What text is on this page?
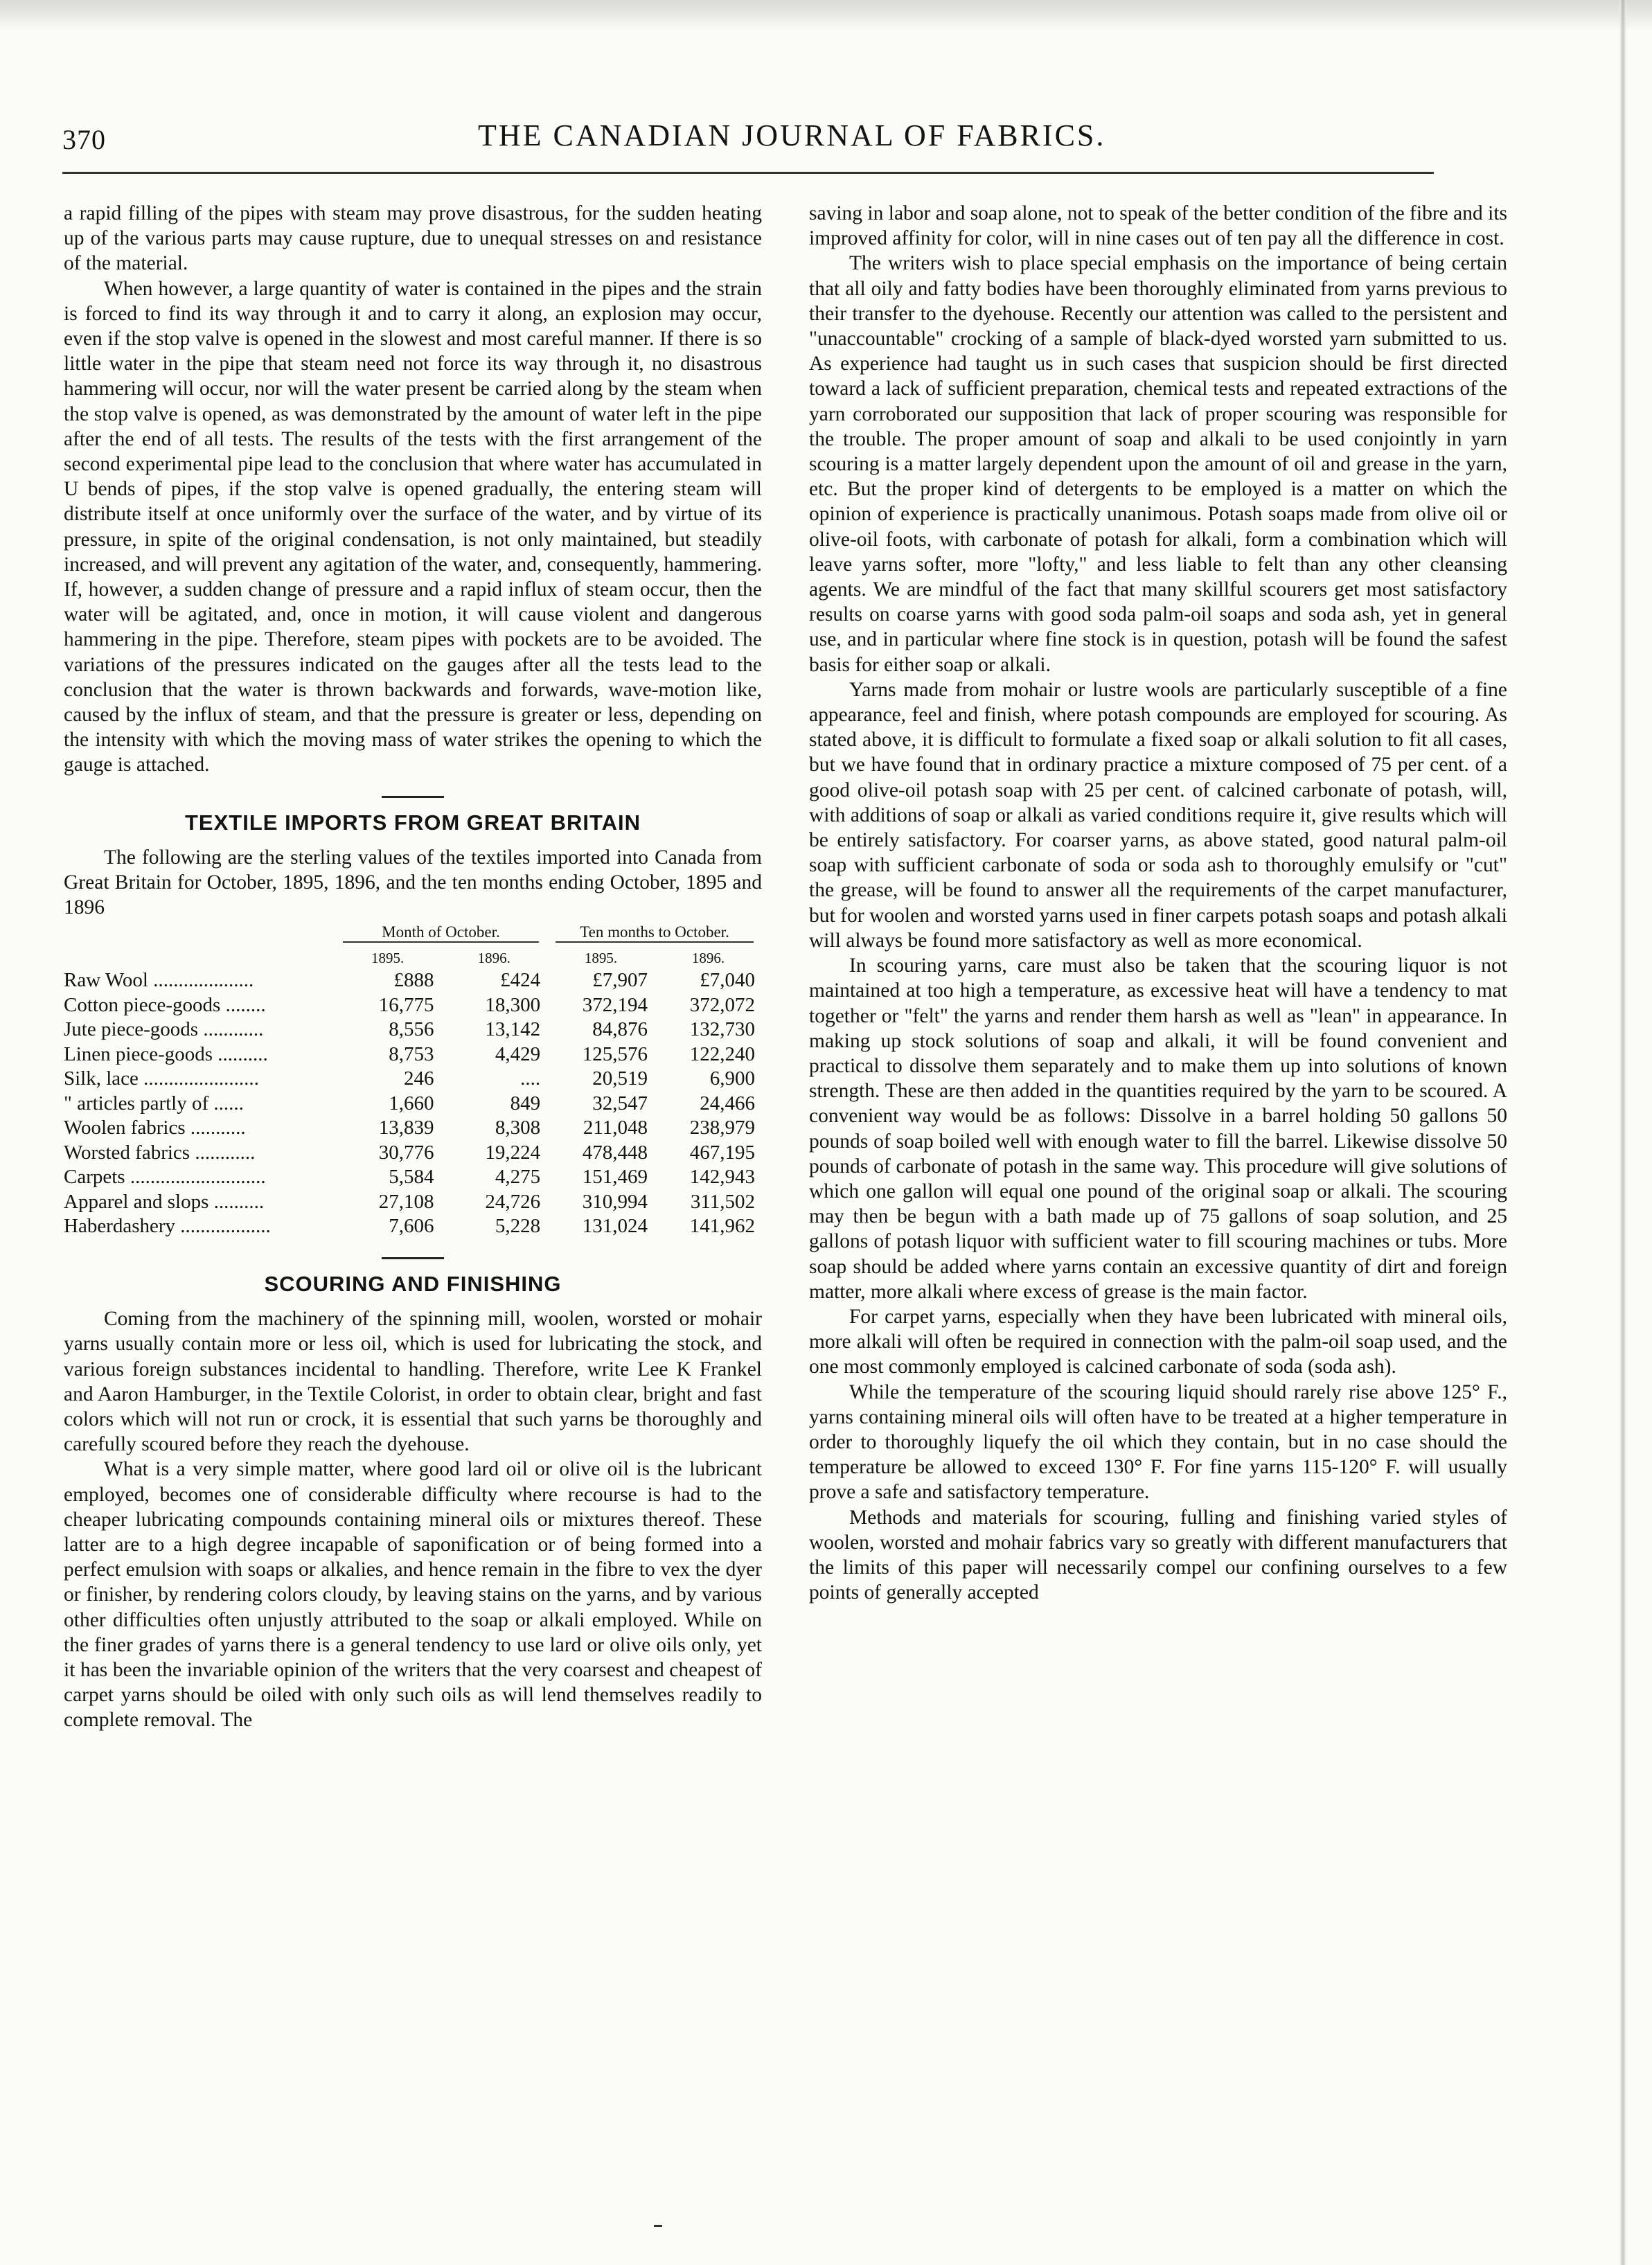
370	THE CANADIAN JOURNAL OF FABRICS.

a rapid filling of the pipes with steam may prove disastrous, for the sudden heating up of the various parts may cause rupture, due to unequal stresses on and resistance of the material.

When however, a large quantity of water is contained in the pipes and the strain is forced to find its way through it and to carry it along, an explosion may occur, even if the stop valve is opened in the slowest and most careful manner. If there is so little water in the pipe that steam need not force its way through it, no disastrous hammering will occur, nor will the water present be carried along by the steam when the stop valve is opened, as was demonstrated by the amount of water left in the pipe after the end of all tests. The results of the tests with the first arrangement of the second experimental pipe lead to the conclusion that where water has accumulated in U bends of pipes, if the stop valve is opened gradually, the entering steam will distribute itself at once uniformly over the surface of the water, and by virtue of its pressure, in spite of the original condensation, is not only maintained, but steadily increased, and will prevent any agitation of the water, and, consequently, hammering. If, however, a sudden change of pressure and a rapid influx of steam occur, then the water will be agitated, and, once in motion, it will cause violent and dangerous hammering in the pipe. Therefore, steam pipes with pockets are to be avoided. The variations of the pressures indicated on the gauges after all the tests lead to the conclusion that the water is thrown backwards and forwards, wave-motion like, caused by the influx of steam, and that the pressure is greater or less, depending on the intensity with which the moving mass of water strikes the opening to which the gauge is attached.

TEXTILE IMPORTS FROM GREAT BRITAIN

The following are the sterling values of the textiles imported into Canada from Great Britain for October, 1895, 1896, and the ten months ending October, 1895 and 1896

	Month of October.		Ten months to October.	

	1895.	1896.	1895.	1896.
Raw Wool ....................	£888	£424	£7,907	£7,040
Cotton piece-goods ........	16,775	18,300	372,194	372,072
Jute piece-goods ............	8,556	13,142	84,876	132,730
Linen piece-goods ..........	8,753	4,429	125,576	122,240
Silk, lace .......................	246	....	20,519	6,900
" articles partly of ......	1,660	849	32,547	24,466
Woolen fabrics ...........	13,839	8,308	211,048	238,979
Worsted fabrics ............	30,776	19,224	478,448	467,195
Carpets ...........................	5,584	4,275	151,469	142,943
Apparel and slops ..........	27,108	24,726	310,994	311,502
Haberdashery ..................	7,606	5,228	131,024	141,962
SCOURING AND FINISHING

Coming from the machinery of the spinning mill, woolen, worsted or mohair yarns usually contain more or less oil, which is used for lubricating the stock, and various foreign substances incidental to handling. Therefore, write Lee K Frankel and Aaron Hamburger, in the Textile Colorist, in order to obtain clear, bright and fast colors which will not run or crock, it is essential that such yarns be thoroughly and carefully scoured before they reach the dyehouse.

What is a very simple matter, where good lard oil or olive oil is the lubricant employed, becomes one of considerable difficulty where recourse is had to the cheaper lubricating compounds containing mineral oils or mixtures thereof. These latter are to a high degree incapable of saponification or of being formed into a perfect emulsion with soaps or alkalies, and hence remain in the fibre to vex the dyer or finisher, by rendering colors cloudy, by leaving stains on the yarns, and by various other difficulties often unjustly attributed to the soap or alkali employed. While on the finer grades of yarns there is a general tendency to use lard or olive oils only, yet it has been the invariable opinion of the writers that the very coarsest and cheapest of carpet yarns should be oiled with only such oils as will lend themselves readily to complete removal. The

saving in labor and soap alone, not to speak of the better condition of the fibre and its improved affinity for color, will in nine cases out of ten pay all the difference in cost.

The writers wish to place special emphasis on the importance of being certain that all oily and fatty bodies have been thoroughly eliminated from yarns previous to their transfer to the dyehouse. Recently our attention was called to the persistent and "unaccountable" crocking of a sample of black-dyed worsted yarn submitted to us. As experience had taught us in such cases that suspicion should be first directed toward a lack of sufficient preparation, chemical tests and repeated extractions of the yarn corroborated our supposition that lack of proper scouring was responsible for the trouble. The proper amount of soap and alkali to be used conjointly in yarn scouring is a matter largely dependent upon the amount of oil and grease in the yarn, etc. But the proper kind of detergents to be employed is a matter on which the opinion of experience is practically unanimous. Potash soaps made from olive oil or olive-oil foots, with carbonate of potash for alkali, form a combination which will leave yarns softer, more "lofty," and less liable to felt than any other cleansing agents. We are mindful of the fact that many skillful scourers get most satisfactory results on coarse yarns with good soda palm-oil soaps and soda ash, yet in general use, and in particular where fine stock is in question, potash will be found the safest basis for either soap or alkali.

Yarns made from mohair or lustre wools are particularly susceptible of a fine appearance, feel and finish, where potash compounds are employed for scouring. As stated above, it is difficult to formulate a fixed soap or alkali solution to fit all cases, but we have found that in ordinary practice a mixture composed of 75 per cent. of a good olive-oil potash soap with 25 per cent. of calcined carbonate of potash, will, with additions of soap or alkali as varied conditions require it, give results which will be entirely satisfactory. For coarser yarns, as above stated, good natural palm-oil soap with sufficient carbonate of soda or soda ash to thoroughly emulsify or "cut" the grease, will be found to answer all the requirements of the carpet manufacturer, but for woolen and worsted yarns used in finer carpets potash soaps and potash alkali will always be found more satisfactory as well as more economical.

In scouring yarns, care must also be taken that the scouring liquor is not maintained at too high a temperature, as excessive heat will have a tendency to mat together or "felt" the yarns and render them harsh as well as "lean" in appearance. In making up stock solutions of soap and alkali, it will be found convenient and practical to dissolve them separately and to make them up into solutions of known strength. These are then added in the quantities required by the yarn to be scoured. A convenient way would be as follows: Dissolve in a barrel holding 50 gallons 50 pounds of soap boiled well with enough water to fill the barrel. Likewise dissolve 50 pounds of carbonate of potash in the same way. This procedure will give solutions of which one gallon will equal one pound of the original soap or alkali. The scouring may then be begun with a bath made up of 75 gallons of soap solution, and 25 gallons of potash liquor with sufficient water to fill scouring machines or tubs. More soap should be added where yarns contain an excessive quantity of dirt and foreign matter, more alkali where excess of grease is the main factor.

For carpet yarns, especially when they have been lubricated with mineral oils, more alkali will often be required in connection with the palm-oil soap used, and the one most commonly employed is calcined carbonate of soda (soda ash).

While the temperature of the scouring liquid should rarely rise above 125° F., yarns containing mineral oils will often have to be treated at a higher temperature in order to thoroughly liquefy the oil which they contain, but in no case should the temperature be allowed to exceed 130° F. For fine yarns 115-120° F. will usually prove a safe and satisfactory temperature.

Methods and materials for scouring, fulling and finishing varied styles of woolen, worsted and mohair fabrics vary so greatly with different manufacturers that the limits of this paper will necessarily compel our confining ourselves to a few points of generally accepted
